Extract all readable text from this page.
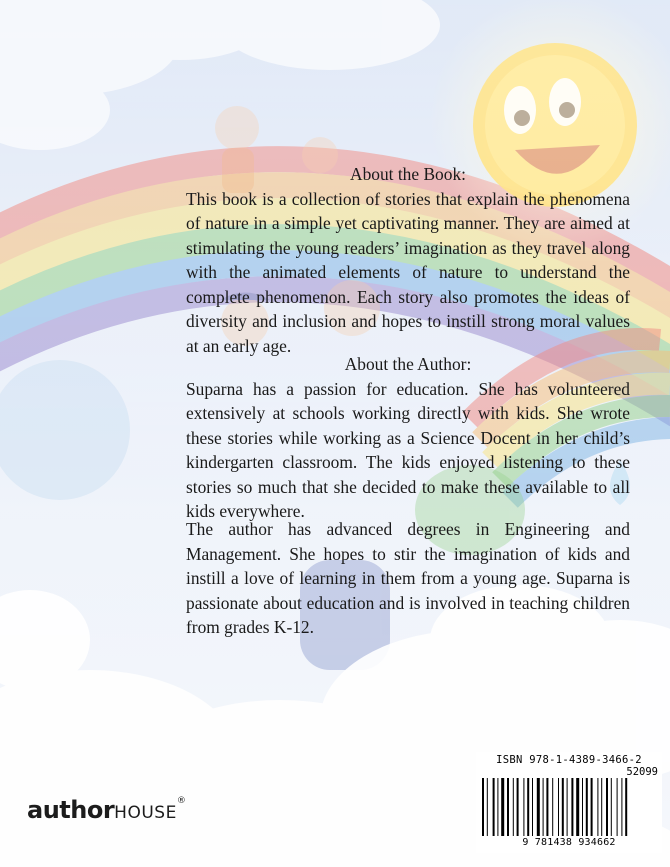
About the Book:

This book is a collection of stories that explain the phenomena of nature in a simple yet captivating manner. They are aimed at stimulating the young readers’ imagination as they travel along with the animated elements of nature to understand the complete phenomenon. Each story also promotes the ideas of diversity and inclusion and hopes to instill strong moral values at an early age.

About the Author:

Suparna has a passion for education. She has volunteered extensively at schools working directly with kids. She wrote these stories while working as a Science Docent in her child’s kindergarten classroom. The kids enjoyed listening to these stories so much that she decided to make these available to all kids everywhere.

The author has advanced degrees in Engineering and Management. She hopes to stir the imagination of kids and instill a love of learning in them from a young age. Suparna is passionate about education and is involved in teaching children from grades K-12.

authorHOUSE®
ISBN 978-1-4389-3466-2
52099
9 781438 934662
